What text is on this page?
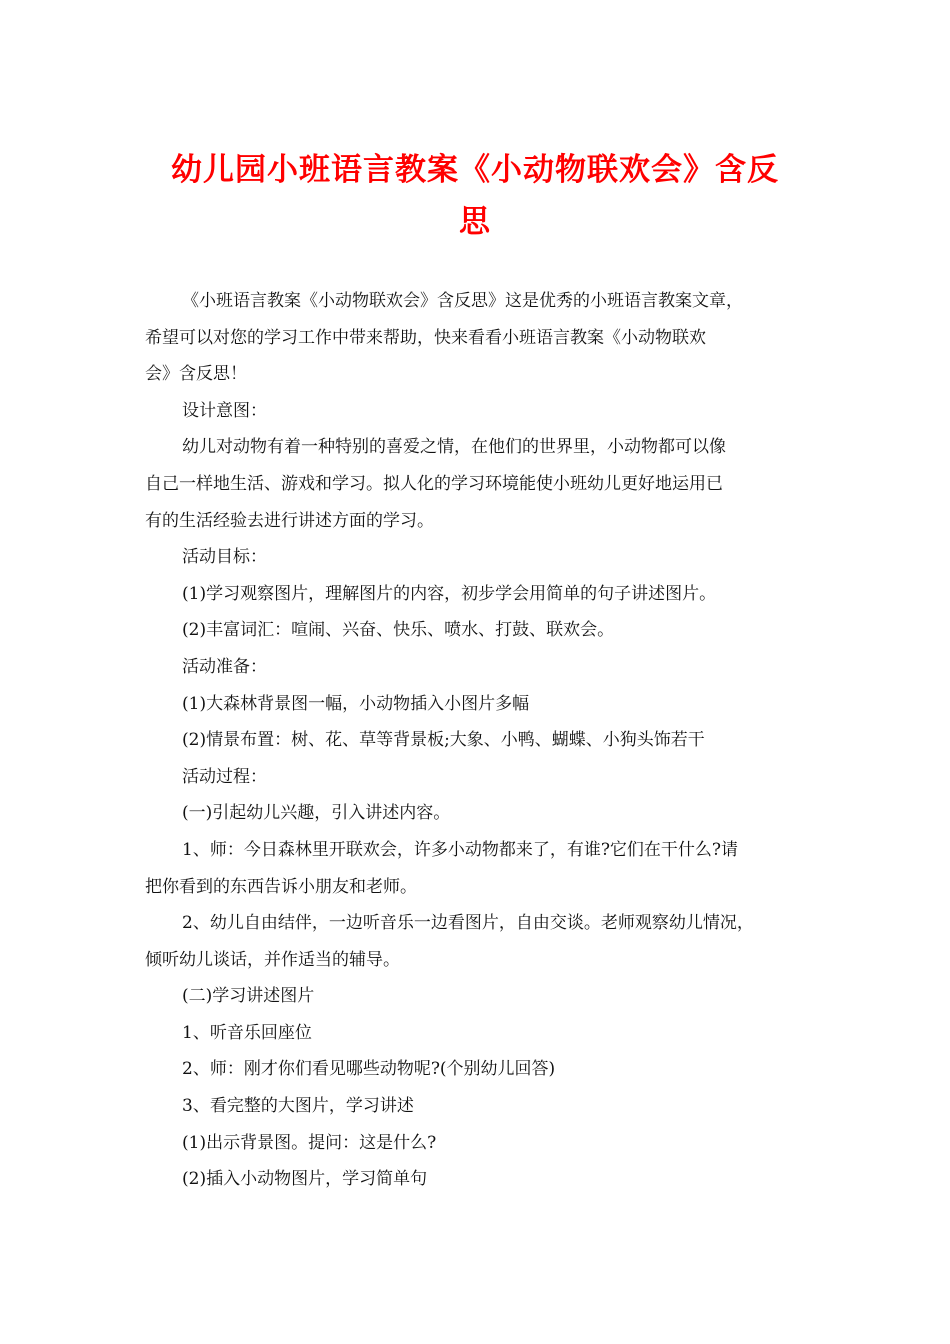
幼儿园小班语言教案《小动物联欢会》含反
思

《小班语言教案《小动物联欢会》含反思》这是优秀的小班语言教案文章，
希望可以对您的学习工作中带来帮助，快来看看小班语言教案《小动物联欢
会》含反思！

设计意图：

幼儿对动物有着一种特别的喜爱之情，在他们的世界里，小动物都可以像
自己一样地生活、游戏和学习。拟人化的学习环境能使小班幼儿更好地运用已
有的生活经验去进行讲述方面的学习。

活动目标：

(1)学习观察图片，理解图片的内容，初步学会用简单的句子讲述图片。

(2)丰富词汇：喧闹、兴奋、快乐、喷水、打鼓、联欢会。

活动准备：

(1)大森林背景图一幅，小动物插入小图片多幅

(2)情景布置：树、花、草等背景板;大象、小鸭、蝴蝶、小狗头饰若干

活动过程：

(一)引起幼儿兴趣，引入讲述内容。

1、师：今日森林里开联欢会，许多小动物都来了，有谁?它们在干什么?请
把你看到的东西告诉小朋友和老师。

2、幼儿自由结伴，一边听音乐一边看图片，自由交谈。老师观察幼儿情况，
倾听幼儿谈话，并作适当的辅导。

(二)学习讲述图片

1、听音乐回座位

2、师：刚才你们看见哪些动物呢?(个别幼儿回答)

3、看完整的大图片，学习讲述

(1)出示背景图。提问：这是什么?

(2)插入小动物图片，学习简单句
